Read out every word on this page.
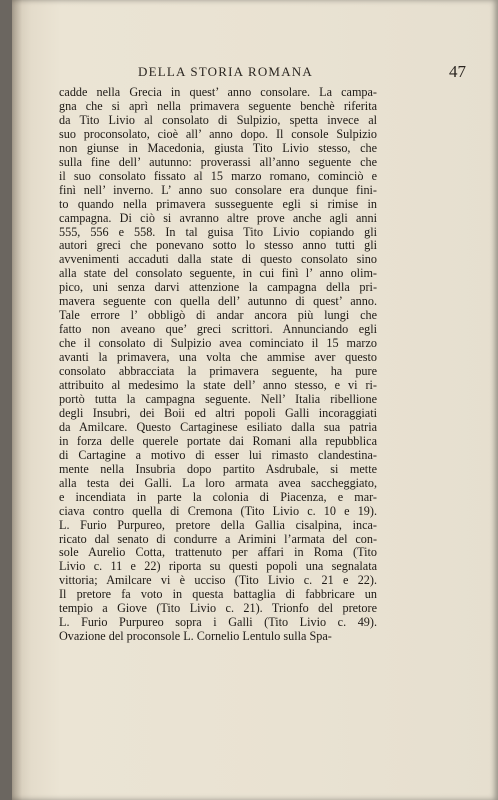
DELLA STORIA ROMANA	47
cadde nella Grecia in quest’ anno consolare. La campa-
gna che si aprì nella primavera seguente benchè riferita
da Tito Livio al consolato di Sulpizio, spetta invece al
suo proconsolato, cioè all’ anno dopo. Il console Sulpizio
non giunse in Macedonia, giusta Tito Livio stesso, che
sulla fine dell’ autunno: proverassi all’anno seguente che
il suo consolato fissato al 15 marzo romano, cominciò e
finì nell’ inverno. L’ anno suo consolare era dunque fini-
to quando nella primavera susseguente egli si rimise in
campagna. Di ciò si avranno altre prove anche agli anni
555, 556 e 558. In tal guisa Tito Livio copiando gli
autori greci che ponevano sotto lo stesso anno tutti gli
avvenimenti accaduti dalla state di questo consolato sino
alla state del consolato seguente, in cui finì l’ anno olim-
pico, uni senza darvi attenzione la campagna della pri-
mavera seguente con quella dell’ autunno di quest’ anno.
Tale errore l’ obbligò di andar ancora più lungi che
fatto non aveano que’ greci scrittori. Annunciando egli
che il consolato di Sulpizio avea cominciato il 15 marzo
avanti la primavera, una volta che ammise aver questo
consolato abbracciata la primavera seguente, ha pure
attribuito al medesimo la state dell’ anno stesso, e vi ri-
portò tutta la campagna seguente. Nell’ Italia ribellione
degli Insubri, dei Boii ed altri popoli Galli incoraggiati
da Amilcare. Questo Cartaginese esiliato dalla sua patria
in forza delle querele portate dai Romani alla repubblica
di Cartagine a motivo di esser lui rimasto clandestina-
mente nella Insubria dopo partito Asdrubale, si mette
alla testa dei Galli. La loro armata avea saccheggiato,
e incendiata in parte la colonia di Piacenza, e mar-
ciava contro quella di Cremona (Tito Livio c. 10 e 19).
L. Furio Purpureo, pretore della Gallia cisalpina, inca-
ricato dal senato di condurre a Arimini l’armata del con-
sole Aurelio Cotta, trattenuto per affari in Roma (Tito
Livio c. 11 e 22) riporta su questi popoli una segnalata
vittoria; Amilcare vi è ucciso (Tito Livio c. 21 e 22).
Il pretore fa voto in questa battaglia di fabbricare un
tempio a Giove (Tito Livio c. 21). Trionfo del pretore
L. Furio Purpureo sopra i Galli (Tito Livio c. 49).
Ovazione del proconsole L. Cornelio Lentulo sulla Spa-
